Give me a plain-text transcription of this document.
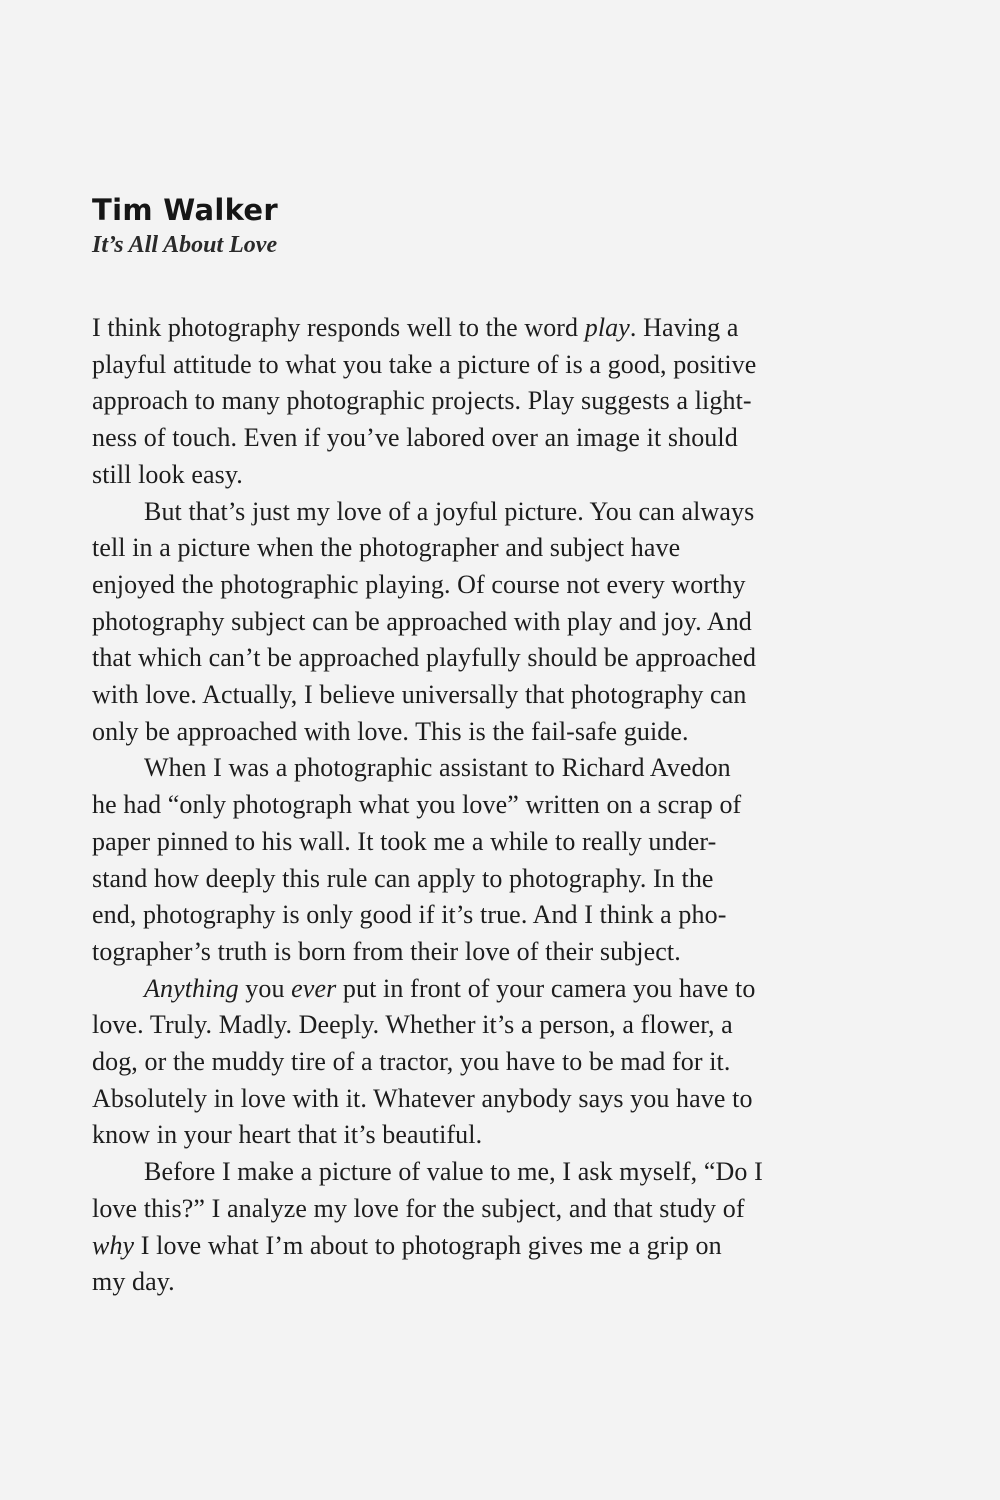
Tim Walker
It’s All About Love

I think photography responds well to the word play. Having a
playful attitude to what you take a picture of is a good, positive
approach to many photographic projects. Play suggests a light-
ness of touch. Even if you’ve labored over an image it should
still look easy.

But that’s just my love of a joyful picture. You can always
tell in a picture when the photographer and subject have
enjoyed the photographic playing. Of course not every worthy
photography subject can be approached with play and joy. And
that which can’t be approached playfully should be approached
with love. Actually, I believe universally that photography can
only be approached with love. This is the fail-safe guide.

When I was a photographic assistant to Richard Avedon
he had “only photograph what you love” written on a scrap of
paper pinned to his wall. It took me a while to really under-
stand how deeply this rule can apply to photography. In the
end, photography is only good if it’s true. And I think a pho-
tographer’s truth is born from their love of their subject.

Anything you ever put in front of your camera you have to
love. Truly. Madly. Deeply. Whether it’s a person, a flower, a
dog, or the muddy tire of a tractor, you have to be mad for it.
Absolutely in love with it. Whatever anybody says you have to
know in your heart that it’s beautiful.

Before I make a picture of value to me, I ask myself, “Do I
love this?” I analyze my love for the subject, and that study of
why I love what I’m about to photograph gives me a grip on
my day.
